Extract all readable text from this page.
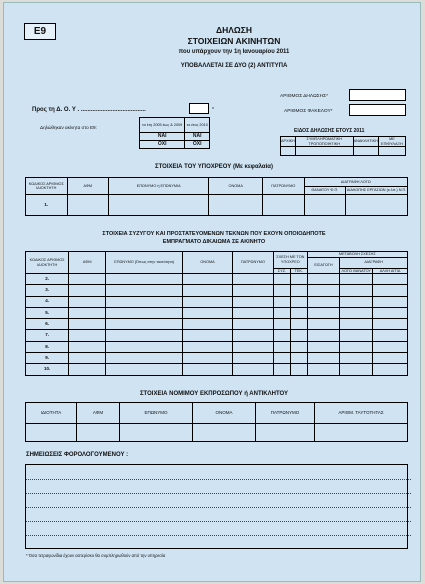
E9	ΔΗΛΩΣΗ
ΣΤΟΙΧΕΙΩΝ ΑΚΙΝΗΤΩΝ
που υπάρχουν την 1η Ιανουαρίου 2011
ΥΠΟΒΑΛΛΕΤΑΙ ΣΕ ΔΥΟ (2) ΑΝΤΙΤΥΠΑ
ΑΡΙΘΜΟΣ ΔΗΛΩΣΗΣ*
ΑΡΙΘΜΟΣ ΦΑΚΕΛΟΥ*
Προς τη Δ. Ο. Υ . .......................................	*
Δηλώθηκαν ακίνητα στο Ε9:
τα έτη 2005 έως & 2009	το έτος 2010
ΝΑΙ	ΝΑΙ
ΟΧΙ	ΟΧΙ
ΕΙΔΟΣ ΔΗΛΩΣΗΣ ΕΤΟΥΣ 2011
ΑΡΧΙΚΗ	ΣΥΜΠΛΗΡΩΜΑΤΙΚΗ ΤΡΟΠΟΠΟΙΗΤΙΚΗ	ΑΝΑΚΛΗΤΙΚΗ	ΜΕ ΕΠΙΦΥΛΑΞΗ

ΣΤΟΙΧΕΙΑ ΤΟΥ ΥΠΟΧΡΕΟΥ (Με κεφαλαία)
ΚΩΔΙΚΟΣ ΑΡΙΘΜΟΣ ΙΔΙΟΚΤΗΤΗ	ΑΦΜ	ΕΠΩΝΥΜΟ ή ΕΠΩΝΥΜΙΑ	ΟΝΟΜΑ	ΠΑΤΡΩΝΥΜΟ	ΔΙΑΓΡΑΦΗ ΛΟΓΩ	
					ΘΑΝΑΤΟΥ Φ.Π.	ΔΙΑΚΟΠΗΣ ΕΡΓΑΣΙΩΝ (κ.λπ.) Ν.Π.
1.						
ΣΤΟΙΧΕΙΑ ΣΥΖΥΓΟΥ ΚΑΙ ΠΡΟΣΤΑΤΕΥΟΜΕΝΩΝ ΤΕΚΝΩΝ ΠΟΥ ΕΧΟΥΝ ΟΠΟΙΟΔΗΠΟΤΕ
ΕΜΠΡΑΓΜΑΤΟ ΔΙΚΑΙΩΜΑ ΣΕ ΑΚΙΝΗΤΟ
ΚΩΔΙΚΟΣ ΑΡΙΘΜΟΣ ΙΔΙΟΚΤΗΤΗ	ΑΦΜ	ΕΠΩΝΥΜΟ (Όπως στην ταυτότητα)	ΟΝΟΜΑ	ΠΑΤΡΩΝΥΜΟ	ΣΧΕΣΗ ΜΕ ΤΟΝ ΥΠΟΧΡΕΟ		ΜΕΤΑΒΟΛΗ ΣΧΕΣΗΣ		
							ΕΙΣΑΓΩΓΗ	ΔΙΑΓΡΑΦΗ	
					ΣΥΖ.	ΤΕΚ.		ΛΟΓΩ ΘΑΝΑΤΟΥ	ΑΛΛΗ ΑΙΤΙΑ
2.									
3.									
4.									
5.									
6.									
7.									
8.									
9.									
10.									
ΣΤΟΙΧΕΙΑ ΝΟΜΙΜΟΥ ΕΚΠΡΟΣΩΠΟΥ ή ΑΝΤΙΚΛΗΤΟΥ
ΙΔΙΟΤΗΤΑ	ΑΦΜ	ΕΠΩΝΥΜΟ	ΟΝΟΜΑ	ΠΑΤΡΩΝΥΜΟ	ΑΡΙΘΜ. ΤΑΥΤΟΤΗΤΑΣ

ΣΗΜΕΙΩΣΕΙΣ ΦΟΡΟΛΟΓΟΥΜΕΝΟΥ :
* Όσα τετραγωνίδια έχουν αστερίσκο θα συμπληρωθούν από την υπηρεσία
